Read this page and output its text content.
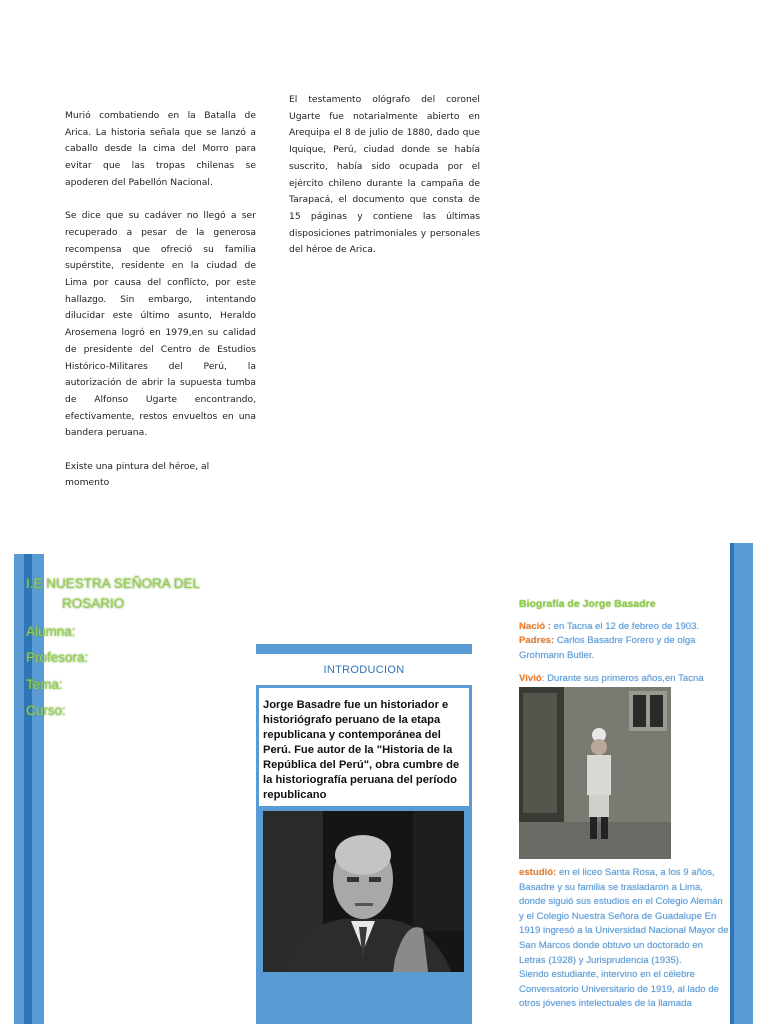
Murió combatiendo en la Batalla de Arica. La historia señala que se lanzó a caballo desde la cima del Morro para evitar que las tropas chilenas se apoderen del Pabellón Nacional.

Se dice que su cadáver no llegó a ser recuperado a pesar de la generosa recompensa que ofreció su familia supérstite, residente en la ciudad de Lima por causa del conflicto, por este hallazgo. Sin embargo, intentando dilucidar este último asunto, Heraldo Arosemena logró en 1979,en su calidad de presidente del Centro de Estudios Histórico-Militares del Perú, la autorización de abrir la supuesta tumba de Alfonso Ugarte encontrando, efectivamente, restos envueltos en una bandera peruana.

Existe una pintura del héroe, al momento

El testamento ológrafo del coronel Ugarte fue notarialmente abierto en Arequipa el 8 de julio de 1880, dado que Iquique, Perú, ciudad donde se había suscrito, había sido ocupada por el ejército chileno durante la campaña de Tarapacá, el documento que consta de 15 páginas y contiene las últimas disposiciones patrimoniales y personales del héroe de Arica.

I.E NUESTRA SEÑORA DEL
ROSARIO
Alumna:
Profesora:
Tema:
Curso:
INTRODUCION
Jorge Basadre fue un historiador e historiógrafo peruano de la etapa republicana y contemporánea del Perú. Fue autor de la "Historia de la República del Perú", obra cumbre de la historiografía peruana del período republicano
Biografía de Jorge Basadre
Nació : en Tacna el 12 de febreo de 1903.
Padres: Carlos Basadre Forero y de olga Grohmann Butler.
Vivió: Durante sus primeros años,en Tacna
estudió: en el liceo Santa Rosa, a los 9 años, Basadre y su familia se trasladaron a Lima, donde siguió sus estudios en el Colegio Alemán y el Colegio Nuestra Señora de Guadalupe En 1919 ingresó a la Universidad Nacional Mayor de San Marcos donde obtuvo un doctorado en Letras (1928) y Jurisprudencia (1935).
Siendo estudiante, intervino en el célebre Conversatorio Universitario de 1919, al lado de otros jóvenes intelectuales de la llamada
